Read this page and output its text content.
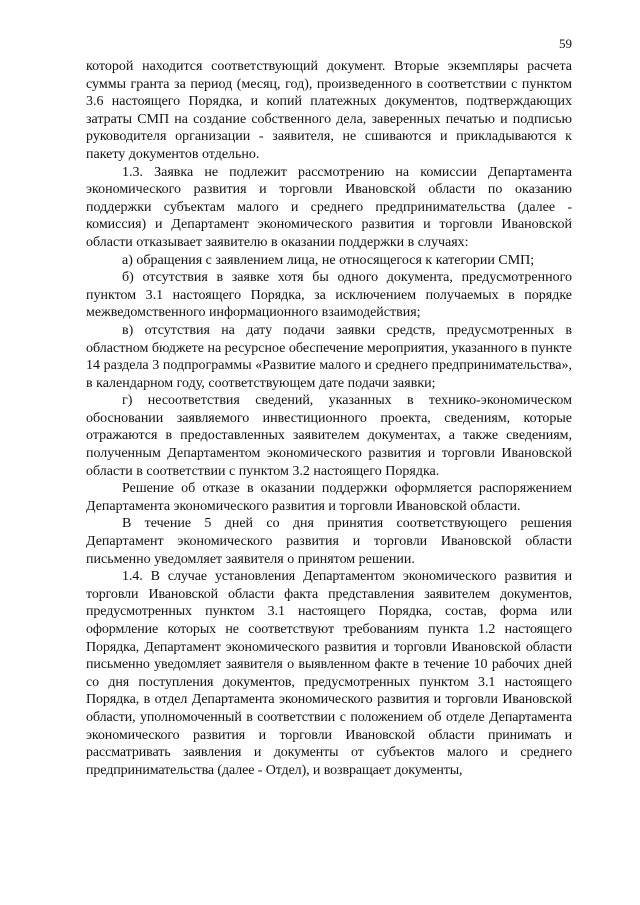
59

которой находится соответствующий документ. Вторые экземпляры расчета суммы гранта за период (месяц, год), произведенного в соответствии с пунктом 3.6 настоящего Порядка, и копий платежных документов, подтверждающих затраты СМП на создание собственного дела, заверенных печатью и подписью руководителя организации - заявителя, не сшиваются и прикладываются к пакету документов отдельно.

1.3. Заявка не подлежит рассмотрению на комиссии Департамента экономического развития и торговли Ивановской области по оказанию поддержки субъектам малого и среднего предпринимательства (далее - комиссия) и Департамент экономического развития и торговли Ивановской области отказывает заявителю в оказании поддержки в случаях:

а) обращения с заявлением лица, не относящегося к категории СМП;

б) отсутствия в заявке хотя бы одного документа, предусмотренного пунктом 3.1 настоящего Порядка, за исключением получаемых в порядке межведомственного информационного взаимодействия;

в) отсутствия на дату подачи заявки средств, предусмотренных в областном бюджете на ресурсное обеспечение мероприятия, указанного в пункте 14 раздела 3 подпрограммы «Развитие малого и среднего предпринимательства», в календарном году, соответствующем дате подачи заявки;

г) несоответствия сведений, указанных в технико-экономическом обосновании заявляемого инвестиционного проекта, сведениям, которые отражаются в предоставленных заявителем документах, а также сведениям, полученным Департаментом экономического развития и торговли Ивановской области в соответствии с пунктом 3.2 настоящего Порядка.

Решение об отказе в оказании поддержки оформляется распоряжением Департамента экономического развития и торговли Ивановской области.

В течение 5 дней со дня принятия соответствующего решения Департамент экономического развития и торговли Ивановской области письменно уведомляет заявителя о принятом решении.

1.4. В случае установления Департаментом экономического развития и торговли Ивановской области факта представления заявителем документов, предусмотренных пунктом 3.1 настоящего Порядка, состав, форма или оформление которых не соответствуют требованиям пункта 1.2 настоящего Порядка, Департамент экономического развития и торговли Ивановской области письменно уведомляет заявителя о выявленном факте в течение 10 рабочих дней со дня поступления документов, предусмотренных пунктом 3.1 настоящего Порядка, в отдел Департамента экономического развития и торговли Ивановской области, уполномоченный в соответствии с положением об отделе Департамента экономического развития и торговли Ивановской области принимать и рассматривать заявления и документы от субъектов малого и среднего предпринимательства (далее - Отдел), и возвращает документы,
